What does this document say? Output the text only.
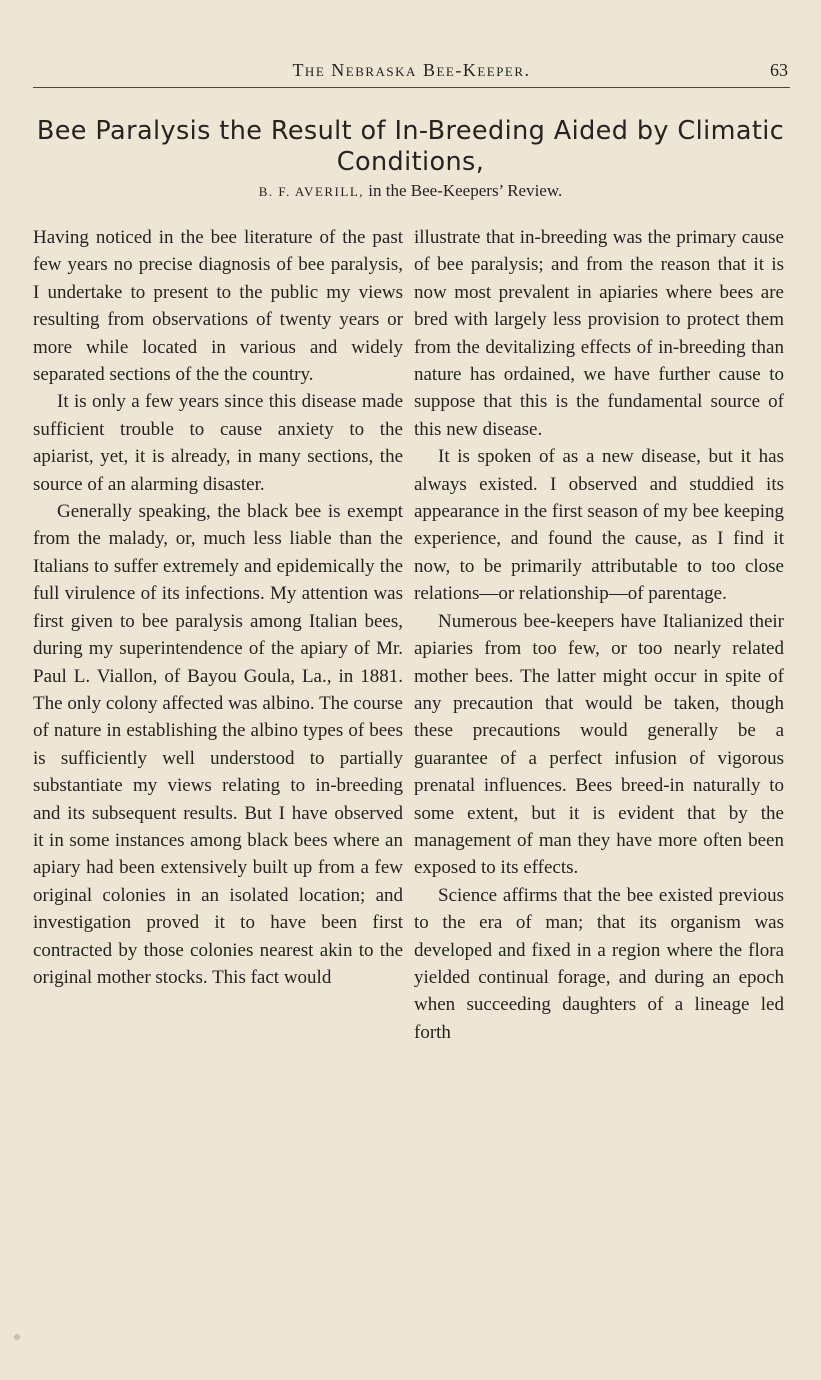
The Nebraska Bee-Keeper.	63
Bee Paralysis the Result of In-Breeding Aided by Climatic Conditions,
B. F. AVERILL, in the Bee-Keepers’ Review.

Having noticed in the bee literature of the past few years no precise diagnosis of bee paralysis, I undertake to present to the public my views resulting from observations of twenty years or more while located in various and widely separated sections of the the country.

It is only a few years since this disease made sufficient trouble to cause anxiety to the apiarist, yet, it is already, in many sections, the source of an alarming disaster.

Generally speaking, the black bee is exempt from the malady, or, much less liable than the Italians to suffer extremely and epidemically the full virulence of its infections. My attention was first given to bee paralysis among Italian bees, during my superintendence of the apiary of Mr. Paul L. Viallon, of Bayou Goula, La., in 1881. The only colony affected was albino. The course of nature in establishing the albino types of bees is sufficiently well understood to partially substantiate my views relating to in-breeding and its subsequent results. But I have observed it in some instances among black bees where an apiary had been extensively built up from a few original colonies in an isolated location; and investigation proved it to have been first contracted by those colonies nearest akin to the original mother stocks. This fact would

illustrate that in-breeding was the primary cause of bee paralysis; and from the reason that it is now most prevalent in apiaries where bees are bred with largely less provision to protect them from the devitalizing effects of in-breeding than nature has ordained, we have further cause to suppose that this is the fundamental source of this new disease.

It is spoken of as a new disease, but it has always existed. I observed and studdied its appearance in the first season of my bee keeping experience, and found the cause, as I find it now, to be primarily attributable to too close relations—or relationship—of parentage.

Numerous bee-keepers have Italianized their apiaries from too few, or too nearly related mother bees. The latter might occur in spite of any precaution that would be taken, though these precautions would generally be a guarantee of a perfect infusion of vigorous prenatal influences. Bees breed-in naturally to some extent, but it is evident that by the management of man they have more often been exposed to its effects.

Science affirms that the bee existed previous to the era of man; that its organism was developed and fixed in a region where the flora yielded continual forage, and during an epoch when succeeding daughters of a lineage led forth
